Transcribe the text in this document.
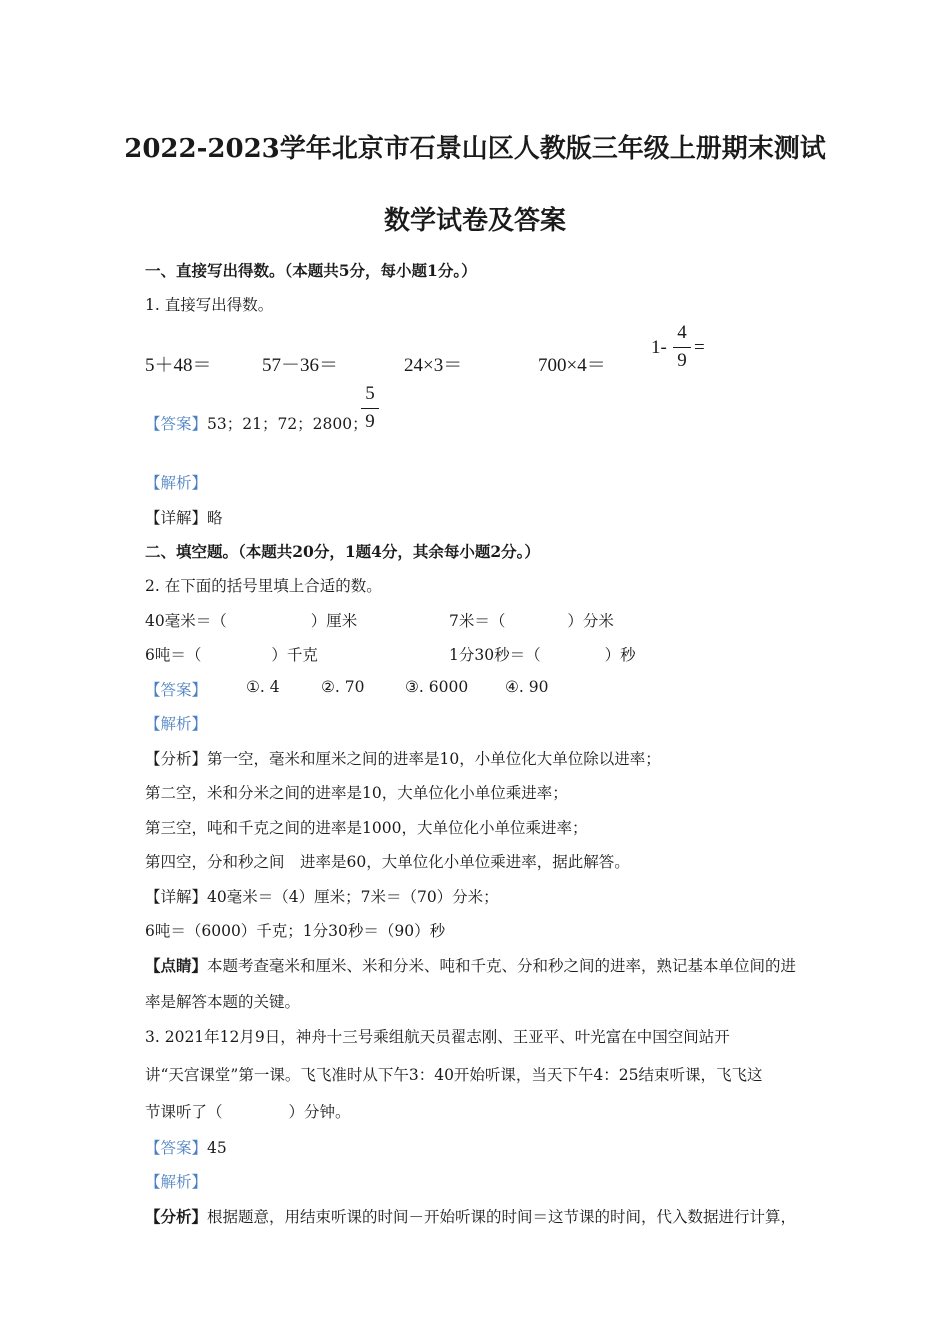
2022-2023学年北京市石景山区人教版三年级上册期末测试
数学试卷及答案
一、直接写出得数。（本题共5分，每小题1分。）
1. 直接写出得数。
5＋48＝	57－36＝	24×3＝	700×4＝
1-
4
9
=
【答案】53；21；72；2800；
5
9
【解析】
【详解】略
二、填空题。（本题共20分，1题4分，其余每小题2分。）
2. 在下面的括号里填上合适的数。
40毫米＝（	）厘米	7米＝（	）分米
6吨＝（	）千克	1分30秒＝（	）秒
【答案】	①. 4	②. 70	③. 6000 ④. 90
【解析】
【分析】第一空，毫米和厘米之间的进率是10，小单位化大单位除以进率；
第二空，米和分米之间的进率是10，大单位化小单位乘进率；
第三空，吨和千克之间的进率是1000，大单位化小单位乘进率；
第四空，分和秒之间　进率是60，大单位化小单位乘进率，据此解答。
【详解】40毫米＝（4）厘米；7米＝（70）分米；
6吨＝（6000）千克；1分30秒＝（90）秒
【点睛】本题考查毫米和厘米、米和分米、吨和千克、分和秒之间的进率，熟记基本单位间的进
率是解答本题的关键。
3. 2021年12月9日，神舟十三号乘组航天员翟志刚、王亚平、叶光富在中国空间站开
讲“天宫课堂”第一课。飞飞准时从下午3：40开始听课，当天下午4：25结束听课，飞飞这
节课听了（	）分钟。
【答案】45
【解析】
【分析】根据题意，用结束听课的时间－开始听课的时间＝这节课的时间，代入数据进行计算，
